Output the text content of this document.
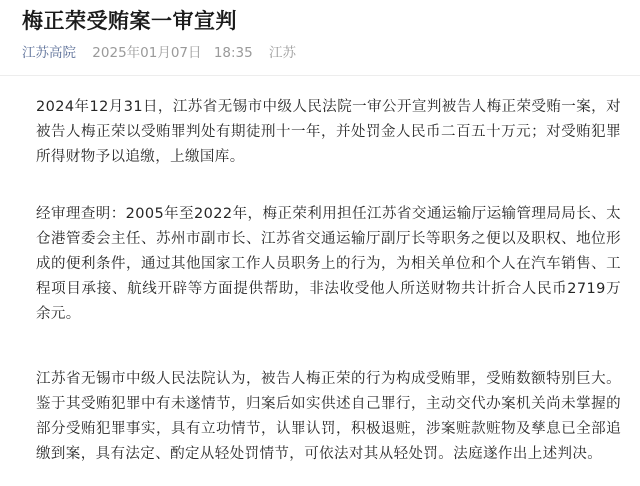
梅正荣受贿案一审宣判
江苏高院 2025年01月07日 18:35 江苏

2024年12月31日，江苏省无锡市中级人民法院一审公开宣判被告人梅正荣受贿一案，对被告人梅正荣以受贿罪判处有期徒刑十一年，并处罚金人民币二百五十万元；对受贿犯罪所得财物予以追缴，上缴国库。

经审理查明：2005年至2022年，梅正荣利用担任江苏省交通运输厅运输管理局局长、太仓港管委会主任、苏州市副市长、江苏省交通运输厅副厅长等职务之便以及职权、地位形成的便利条件，通过其他国家工作人员职务上的行为，为相关单位和个人在汽车销售、工程项目承接、航线开辟等方面提供帮助，非法收受他人所送财物共计折合人民币2719万余元。

江苏省无锡市中级人民法院认为，被告人梅正荣的行为构成受贿罪，受贿数额特别巨大。鉴于其受贿犯罪中有未遂情节，归案后如实供述自己罪行，主动交代办案机关尚未掌握的部分受贿犯罪事实，具有立功情节，认罪认罚，积极退赃，涉案赃款赃物及孳息已全部追缴到案，具有法定、酌定从轻处罚情节，可依法对其从轻处罚。法庭遂作出上述判决。
